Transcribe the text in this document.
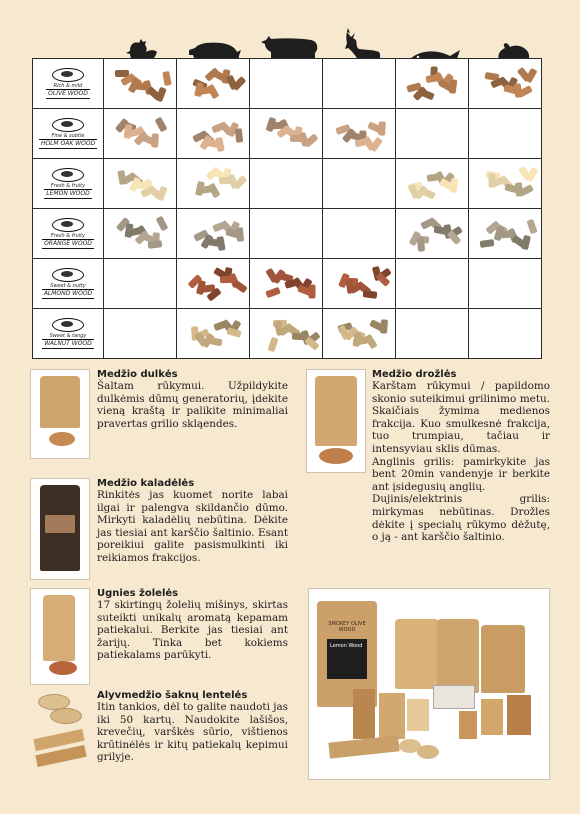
Rich & mild
OLIVE WOOD						

Fine & subtle
HOLM OAK WOOD						

Fresh & fruity
LEMON WOOD						

Fresh & fruity
ORANGE WOOD						

Sweet & nutty
ALMOND WOOD						

Sweet & tangy
WALNUT WOOD						

Medžio dulkės

Šaltam rūkymui. Užpildykite dulkėmis dūmų generatorių, įdekite vieną kraštą ir palikite minimaliai pravertas grilio skląendes.

Medžio kaladėlės

Rinkitės jas kuomet norite labai ilgai ir palengva skildančio dūmo. Mirkyti kaladėlių nebūtina. Dėkite jas tiesiai ant karščio šaltinio. Esant poreikiui galite pasismulkinti iki reikiamos frakcijos.

Ugnies žolelės

17 skirtingų žolelių mišinys, skirtas suteikti unikalų aromatą kepamam patiekalui. Berkite jas tiesiai ant žarijų. Tinka bet kokiems patiekalams parūkyti.

Alyvmedžio šaknų lentelės

Itin tankios, dėl to galite naudoti jas iki 50 kartų. Naudokite lašišos, krevečių, varškės sūrio, vištienos krūtinėlės ir kitų patiekalų kepimui grilyje.

Medžio drožlės

Karštam rūkymui / papildomo skonio suteikimui grilinimo metu. Skaičiais žymima medienos frakcija. Kuo smulkesnė frakcija, tuo trumpiau, tačiau ir intensyviau sklis dūmas.

Anglinis grilis: pamirkykite jas bent 20min vandenyje ir berkite ant įsidegusių anglių.

Dujinis/elektrinis grilis: mirkymas nebūtinas. Drožles dėkite į specialų rūkymo dėžutę, o ją - ant karščio šaltinio.

SMOKEY OLIVE WOOD
Lemon Wood
